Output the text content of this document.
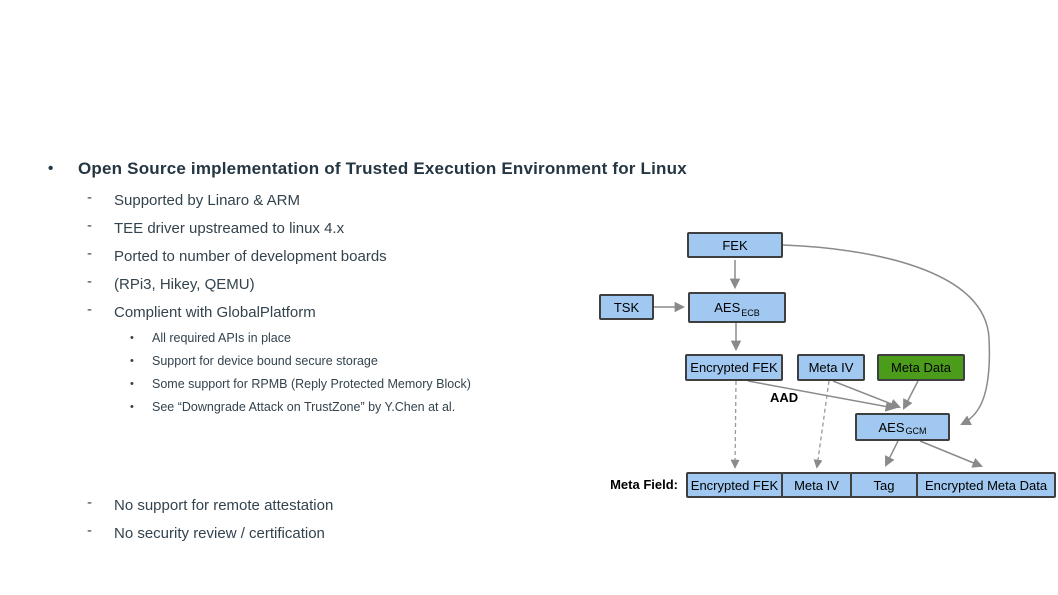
• Open Source implementation of Trusted Execution Environment for Linux
- Supported by Linaro & ARM
- TEE driver upstreamed to linux 4.x
- Ported to number of development boards
- (RPi3, Hikey, QEMU)
- Complient with GlobalPlatform
• All required APIs in place
• Support for device bound secure storage
• Some support for RPMB (Reply Protected Memory Block)
• See “Downgrade Attack on TrustZone” by Y.Chen at al.
- No support for remote attestation
- No security review / certification
FEK
TSK	AES ECB
Encrypted FEK	Meta IV	Meta Data
AAD
AES GCM
Meta Field: Encrypted FEK	Meta IV	Tag	Encrypted Meta Data
